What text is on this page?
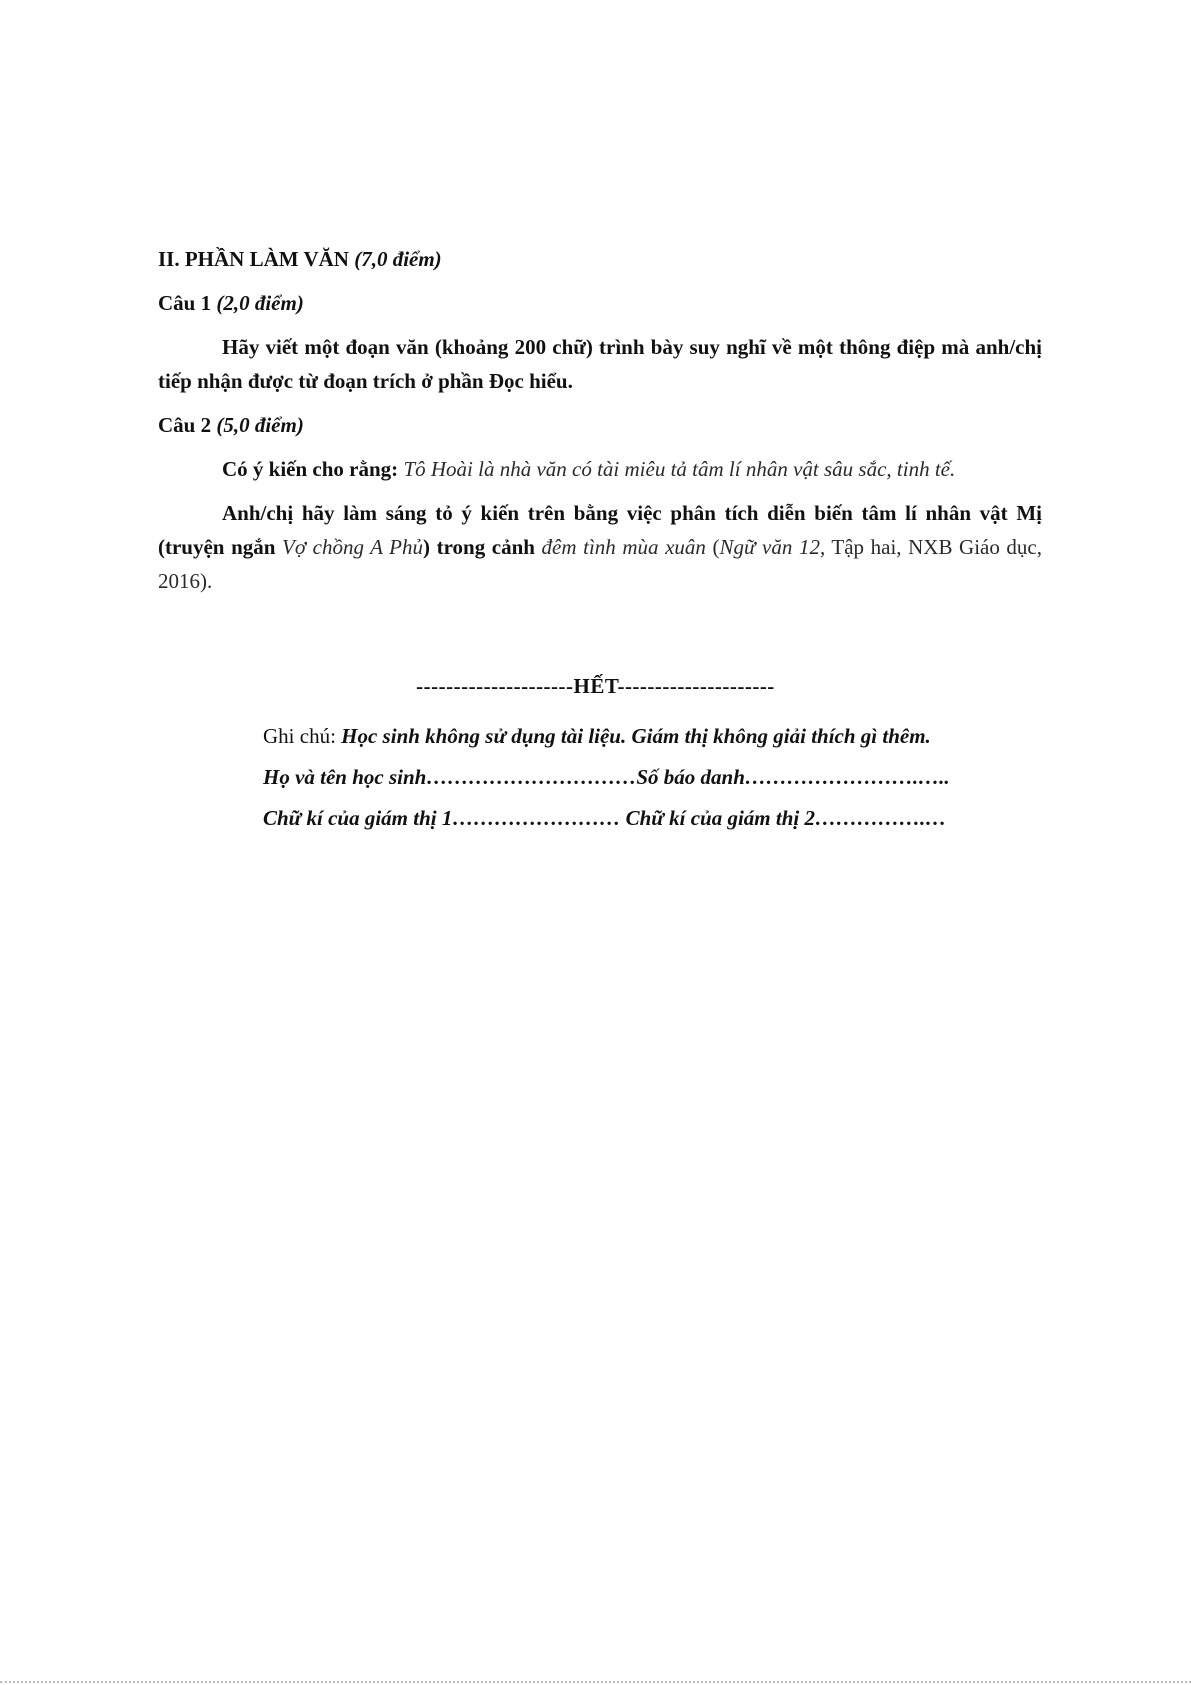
II. PHẦN LÀM VĂN (7,0 điểm)

Câu 1 (2,0 điểm)

Hãy viết một đoạn văn (khoảng 200 chữ) trình bày suy nghĩ về một thông điệp mà anh/chị tiếp nhận được từ đoạn trích ở phần Đọc hiểu.

Câu 2 (5,0 điểm)

Có ý kiến cho rằng: Tô Hoài là nhà văn có tài miêu tả tâm lí nhân vật sâu sắc, tinh tế.

Anh/chị hãy làm sáng tỏ ý kiến trên bằng việc phân tích diễn biến tâm lí nhân vật Mị (truyện ngắn Vợ chồng A Phủ) trong cảnh đêm tình mùa xuân (Ngữ văn 12, Tập hai, NXB Giáo dục, 2016).

---------------------HẾT---------------------

Ghi chú: Học sinh không sử dụng tài liệu. Giám thị không giải thích gì thêm.

Họ và tên học sinh…………………………Số báo danh…………………….…..

Chữ kí của giám thị 1…………………… Chữ kí của giám thị 2…………….…
